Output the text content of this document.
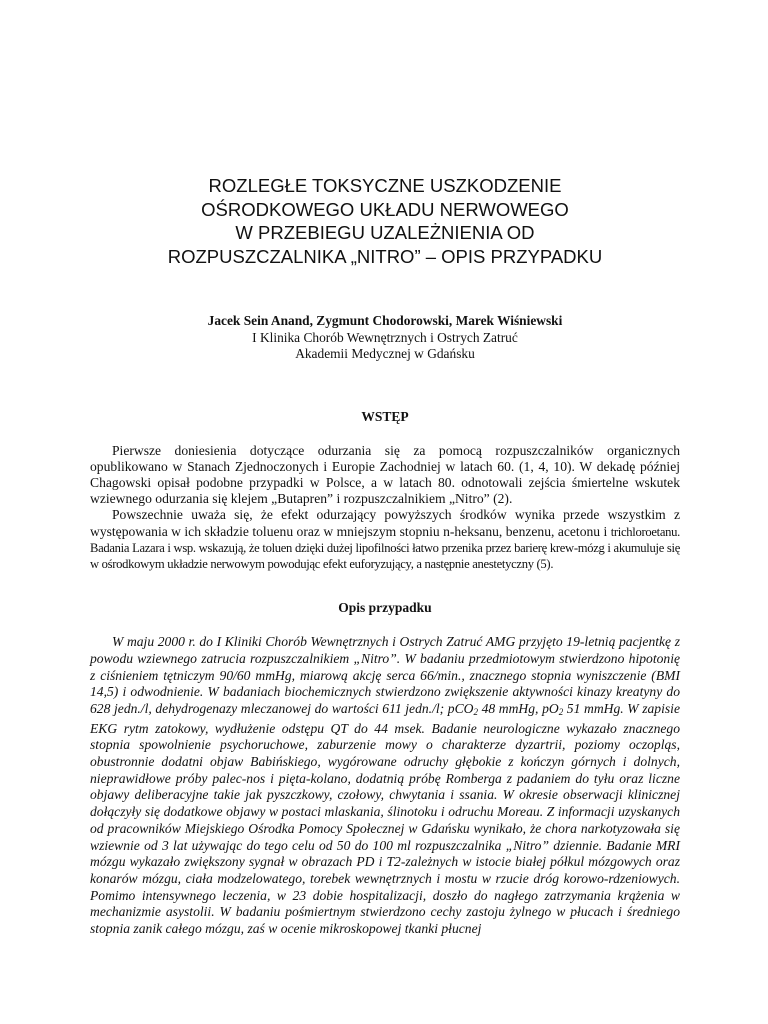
ROZLEGŁE TOKSYCZNE USZKODZENIE
OŚRODKOWEGO UKŁADU NERWOWEGO
W PRZEBIEGU UZALEŻNIENIA OD
ROZPUSZCZALNIKA „NITRO” – OPIS PRZYPADKU
Jacek Sein Anand, Zygmunt Chodorowski, Marek Wiśniewski
I Klinika Chorób Wewnętrznych i Ostrych Zatruć
Akademii Medycznej w Gdańsku
WSTĘP

Pierwsze doniesienia dotyczące odurzania się za pomocą rozpuszczalników organicznych opublikowano w Stanach Zjednoczonych i Europie Zachodniej w latach 60. (1, 4, 10). W dekadę później Chagowski opisał podobne przypadki w Polsce, a w latach 80. odnotowali zejścia śmiertelne wskutek wziewnego odurzania się klejem „Butapren” i rozpuszczalnikiem „Nitro” (2).

Powszechnie uważa się, że efekt odurzający powyższych środków wynika przede wszystkim z występowania w ich składzie toluenu oraz w mniejszym stopniu n-heksanu, benzenu, acetonu i trichloroetanu. Badania Lazara i wsp. wskazują, że toluen dzięki dużej lipofilności łatwo przenika przez barierę krew-mózg i akumuluje się w ośrodkowym układzie nerwowym powodując efekt euforyzujący, a następnie anestetyczny (5).

Opis przypadku

W maju 2000 r. do I Kliniki Chorób Wewnętrznych i Ostrych Zatruć AMG przyjęto 19-letnią pacjentkę z powodu wziewnego zatrucia rozpuszczalnikiem „Nitro”. W badaniu przedmiotowym stwierdzono hipotonię z ciśnieniem tętniczym 90/60 mmHg, miarową akcję serca 66/min., znacznego stopnia wyniszczenie (BMI 14,5) i odwodnienie. W badaniach biochemicznych stwierdzono zwiększenie aktywności kinazy kreatyny do 628 jedn./l, dehydrogenazy mleczanowej do wartości 611 jedn./l; pCO$_2$ 48 mmHg, $pO_2$ 51 mmHg. W zapisie EKG rytm zatokowy, wydłużenie odstępu QT do 44 msek. Badanie neurologiczne wykazało znacznego stopnia spowolnienie psychoruchowe, zaburzenie mowy o charakterze dyzartrii, poziomy oczopląs, obustronnie dodatni objaw Babińskiego, wygórowane odruchy głębokie z kończyn górnych i dolnych, nieprawidłowe próby palec-nos i pięta-kolano, dodatnią próbę Romberga z padaniem do tyłu oraz liczne objawy deliberacyjne takie jak pyszczkowy, czołowy, chwytania i ssania. W okresie obserwacji klinicznej dołączyły się dodatkowe objawy w postaci mlaskania, ślinotoku i odruchu Moreau. Z informacji uzyskanych od pracowników Miejskiego Ośrodka Pomocy Społecznej w Gdańsku wynikało, że chora narkotyzowała się wziewnie od 3 lat używając do tego celu od 50 do 100 ml rozpuszczalnika „Nitro” dziennie. Badanie MRI mózgu wykazało zwiększony sygnał w obrazach PD i T2-zależnych w istocie białej półkul mózgowych oraz konarów mózgu, ciała modzelowatego, torebek wewnętrznych i mostu w rzucie dróg korowo-rdzeniowych. Pomimo intensywnego leczenia, w 23 dobie hospitalizacji, doszło do nagłego zatrzymania krążenia w mechanizmie asystolii. W badaniu pośmiertnym stwierdzono cechy zastoju żylnego w płucach i średniego stopnia zanik całego mózgu, zaś w ocenie mikroskopowej tkanki płucnej
